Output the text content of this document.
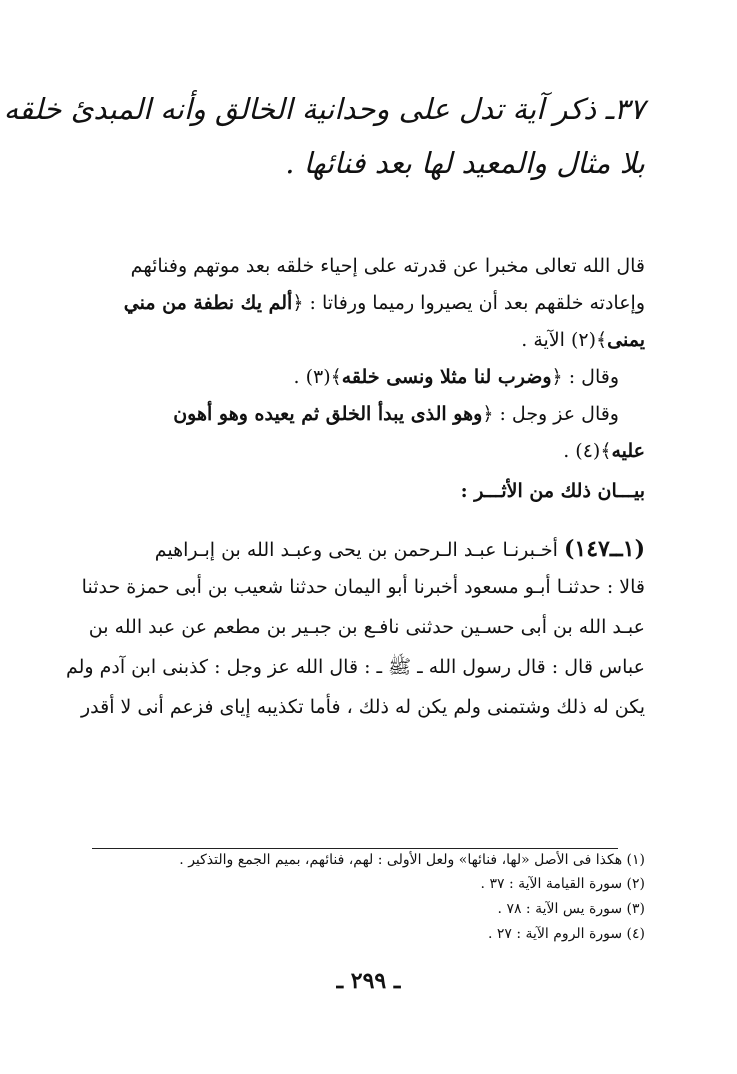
٣٧ـ ذكر آية تدل على وحدانية الخالق وأنه المبدئ خلقه
بلا مثال والمعيد لها بعد فنائها .
قال الله تعالى مخبرا عن قدرته على إحياء خلقه بعد موتهم وفنائهم
وإعادته خلقهم بعد أن يصيروا رميما ورفاتا : ﴿ألم يك نطفة من مني
يمنى﴾(٢) الآية .
وقال : ﴿وضرب لنا مثلا ونسى خلقه﴾(٣) .
وقال عز وجل : ﴿وهو الذى يبدأ الخلق ثم يعيده وهو أهون
عليه﴾(٤) .
بيـــان ذلك من الأثـــر :
(١ــ١٤٧) أخـبرنـا عبـد الـرحمن بن يحى وعبـد الله بن إبـراهيم
قالا : حدثنـا أبـو مسعود أخبرنا أبو اليمان حدثنا شعيب بن أبى حمزة حدثنا
عبـد الله بن أبى حسـين حدثنى نافـع بن جبـير بن مطعم عن عبد الله بن
عباس قال : قال رسول الله ـ ﷺ ـ : قال الله عز وجل : كذبنى ابن آدم ولم
يكن له ذلك وشتمنى ولم يكن له ذلك ، فأما تكذيبه إياى فزعم أنى لا أقدر
(١) هكذا فى الأصل «لها، فنائها» ولعل الأولى : لهم، فنائهم، بميم الجمع والتذكير .
(٢) سورة القيامة الآية : ٣٧ .
(٣) سورة يس الآية : ٧٨ .
(٤) سورة الروم الآية : ٢٧ .
ـ ٢٩٩ ـ
